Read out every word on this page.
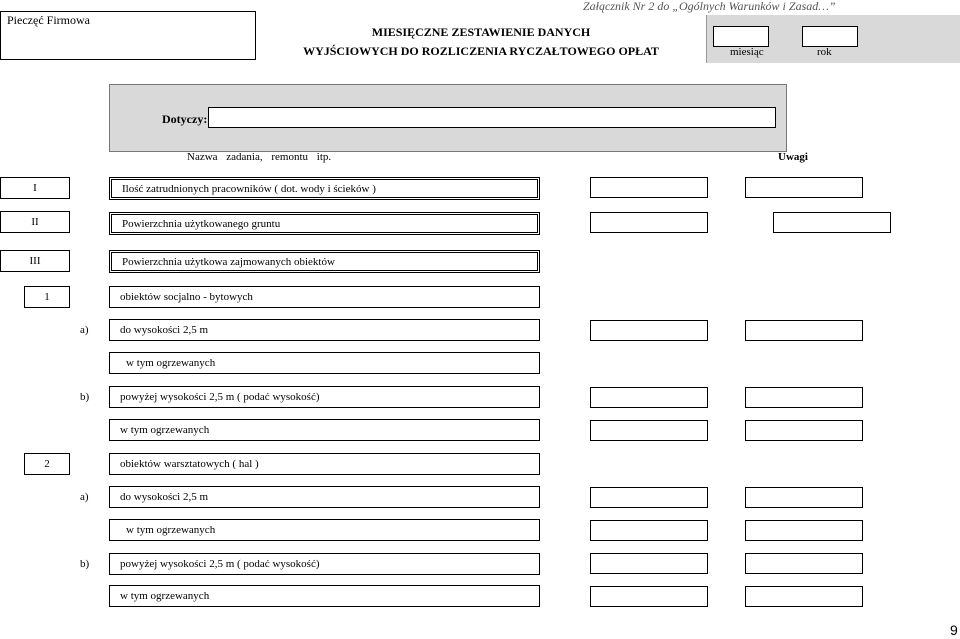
Pieczęć Firmowa
MIESIĘCZNE ZESTAWIENIE DANYCH
WYJŚCIOWYCH DO ROZLICZENIA RYCZAŁTOWEGO OPŁAT
Załącznik Nr 2 do „Ogólnych Warunków i Zasad…”
miesiąc	rok
Dotyczy:
Nazwa zadania, remontu itp.	Uwagi
I	Ilość zatrudnionych pracowników ( dot. wody i ścieków )
II	Powierzchnia użytkowanego gruntu
III	Powierzchnia użytkowa zajmowanych obiektów
1	obiektów socjalno - bytowych
a)	do wysokości 2,5 m
w tym ogrzewanych
b)	powyżej wysokości 2,5 m ( podać wysokość)
w tym ogrzewanych
2	obiektów warsztatowych ( hal )
a)	do wysokości 2,5 m
w tym ogrzewanych
b)	powyżej wysokości 2,5 m ( podać wysokość)
w tym ogrzewanych
9
